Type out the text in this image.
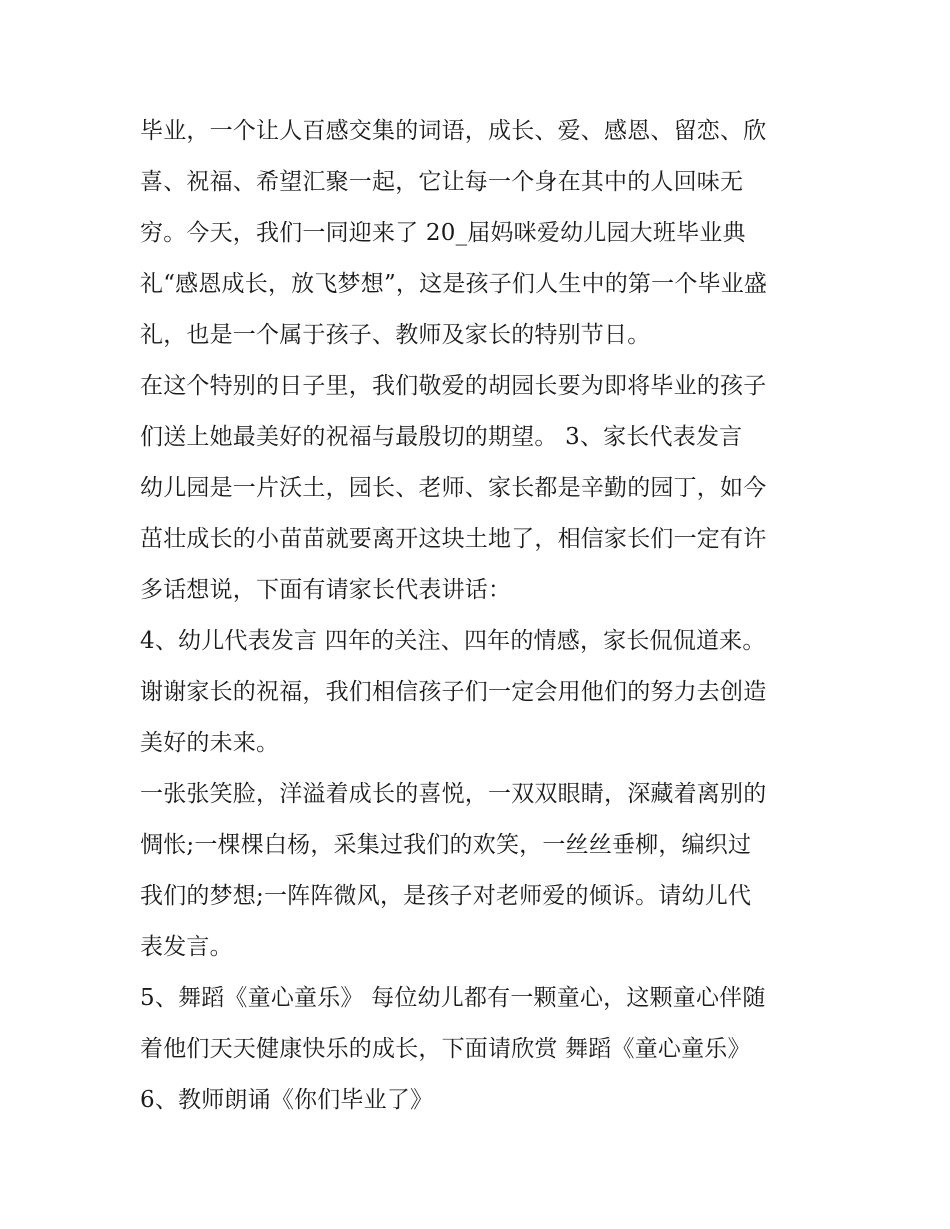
毕业，一个让人百感交集的词语，成长、爱、感恩、留恋、欣
喜、祝福、希望汇聚一起，它让每一个身在其中的人回味无
穷。今天，我们一同迎来了 20_届妈咪爱幼儿园大班毕业典
礼“感恩成长，放飞梦想”，这是孩子们人生中的第一个毕业盛
礼，也是一个属于孩子、教师及家长的特别节日。
在这个特别的日子里，我们敬爱的胡园长要为即将毕业的孩子
们送上她最美好的祝福与最殷切的期望。 3、家长代表发言
幼儿园是一片沃土，园长、老师、家长都是辛勤的园丁，如今
茁壮成长的小苗苗就要离开这块土地了，相信家长们一定有许
多话想说，下面有请家长代表讲话：
4、幼儿代表发言 四年的关注、四年的情感，家长侃侃道来。
谢谢家长的祝福，我们相信孩子们一定会用他们的努力去创造
美好的未来。
一张张笑脸，洋溢着成长的喜悦，一双双眼睛，深藏着离别的
惆怅;一棵棵白杨，采集过我们的欢笑，一丝丝垂柳，编织过
我们的梦想;一阵阵微风，是孩子对老师爱的倾诉。请幼儿代
表发言。
5、舞蹈《童心童乐》 每位幼儿都有一颗童心，这颗童心伴随
着他们天天健康快乐的成长，下面请欣赏 舞蹈《童心童乐》
6、教师朗诵《你们毕业了》
